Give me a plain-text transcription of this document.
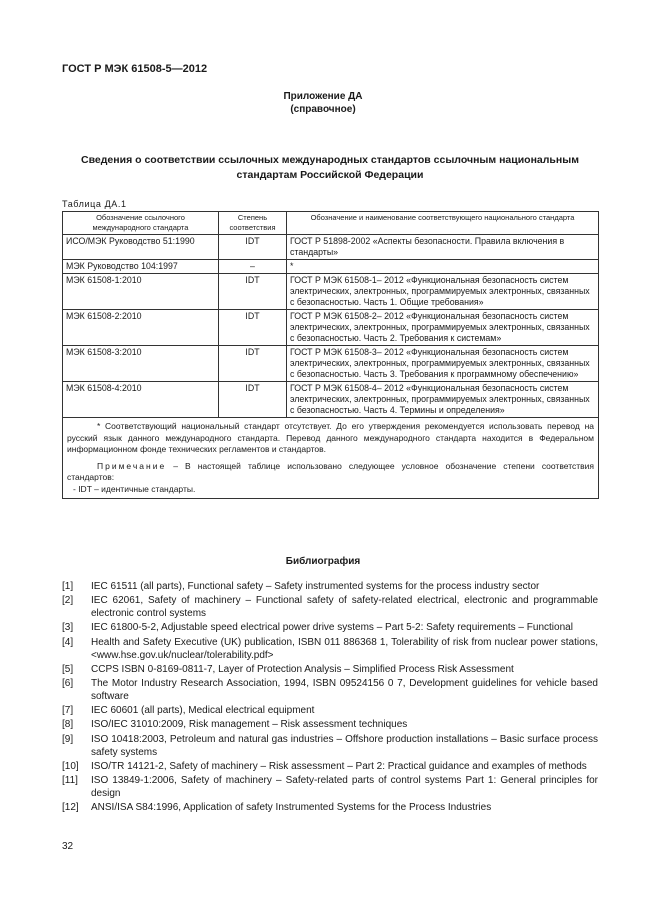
ГОСТ Р МЭК 61508-5—2012
Приложение ДА
(справочное)
Сведения о соответствии ссылочных международных стандартов ссылочным национальным стандартам Российской Федерации
Таблица ДА.1
Обозначение ссылочного международного стандарта	Степень соответствия	Обозначение и наименование соответствующего национального стандарта
ИСО/МЭК Руководство 51:1990	IDT	ГОСТ Р 51898-2002 «Аспекты безопасности. Правила включения в стандарты»
МЭК Руководство 104:1997	–	*
МЭК 61508-1:2010	IDT	ГОСТ Р МЭК 61508-1– 2012 «Функциональная безопасность систем электрических, электронных, программируемых электронных, связанных с безопасностью. Часть 1. Общие требования»
МЭК 61508-2:2010	IDT	ГОСТ Р МЭК 61508-2– 2012 «Функциональная безопасность систем электрических, электронных, программируемых электронных, связанных с безопасностью. Часть 2. Требования к системам»
МЭК 61508-3:2010	IDT	ГОСТ Р МЭК 61508-3– 2012 «Функциональная безопасность систем электрических, электронных, программируемых электронных, связанных с безопасностью. Часть 3. Требования к программному обеспечению»
МЭК 61508-4:2010	IDT	ГОСТ Р МЭК 61508-4– 2012 «Функциональная безопасность систем электрических, электронных, программируемых электронных, связанных с безопасностью. Часть 4. Термины и определения»

* Соответствующий национальный стандарт отсутствует. До его утверждения рекомендуется использовать перевод на русский язык данного международного стандарта. Перевод данного международного стандарта находится в Федеральном информационном фонде технических регламентов и стандартов.
Примечание – В настоящей таблице использовано следующее условное обозначение степени соответствия стандартов:
- IDT – идентичные стандарты.		
Библиография
[1]	IEC 61511 (all parts), Functional safety – Safety instrumented systems for the process industry sector
[2]	IEC 62061, Safety of machinery – Functional safety of safety-related electrical, electronic and programmable electronic control systems
[3]	IEC 61800-5-2, Adjustable speed electrical power drive systems – Part 5-2: Safety requirements – Functional
[4]	Health and Safety Executive (UK) publication, ISBN 011 886368 1, Tolerability of risk from nuclear power stations, <www.hse.gov.uk/nuclear/tolerability.pdf>
[5]	CCPS ISBN 0-8169-0811-7, Layer of Protection Analysis – Simplified Process Risk Assessment
[6]	The Motor Industry Research Association, 1994, ISBN 09524156 0 7, Development guidelines for vehicle based software
[7]	IEC 60601 (all parts), Medical electrical equipment
[8]	ISO/IEC 31010:2009, Risk management – Risk assessment techniques
[9]	ISO 10418:2003, Petroleum and natural gas industries – Offshore production installations – Basic surface process safety systems
[10]	ISO/TR 14121-2, Safety of machinery – Risk assessment – Part 2: Practical guidance and examples of methods
[11]	ISO 13849-1:2006, Safety of machinery – Safety-related parts of control systems Part 1: General principles for design
[12]	ANSI/ISA S84:1996, Application of safety Instrumented Systems for the Process Industries
32
